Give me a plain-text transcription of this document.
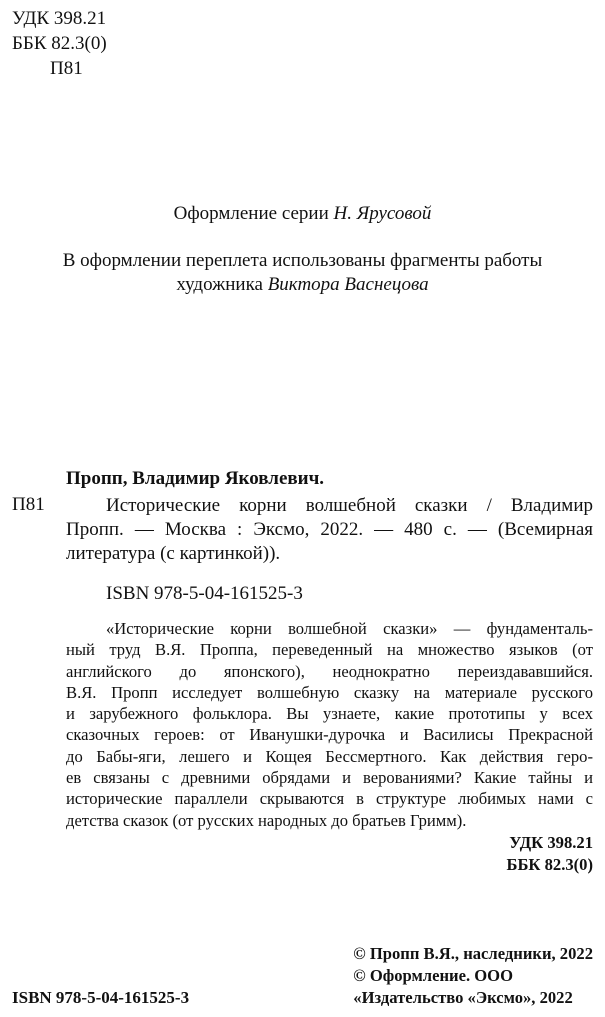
УДК 398.21
ББК 82.3(0)
П81
Оформление серии Н. Ярусовой
В оформлении переплета использованы фрагменты работы
художника Виктора Васнецова
Пропп, Владимир Яковлевич.
П81	Исторические корни волшебной сказки / Владимир
Пропп. — Москва : Эксмо, 2022. — 480 с. — (Всемирная
литература (с картинкой)).
ISBN 978-5-04-161525-3
«Исторические корни волшебной сказки» — фундаменталь-
ный труд В.Я. Проппа, переведенный на множество языков (от
английского до японского), неоднократно переиздававшийся.
В.Я. Пропп исследует волшебную сказку на материале русского
и зарубежного фольклора. Вы узнаете, какие прототипы у всех
сказочных героев: от Иванушки-дурочка и Василисы Прекрасной
до Бабы-яги, лешего и Кощея Бессмертного. Как действия геро-
ев связаны с древними обрядами и верованиями? Какие тайны и
исторические параллели скрываются в структуре любимых нами с
детства сказок (от русских народных до братьев Гримм).
УДК 398.21
ББК 82.3(0)
© Пропп В.Я., наследники, 2022
© Оформление. ООО
«Издательство «Эксмо», 2022
ISBN 978-5-04-161525-3
